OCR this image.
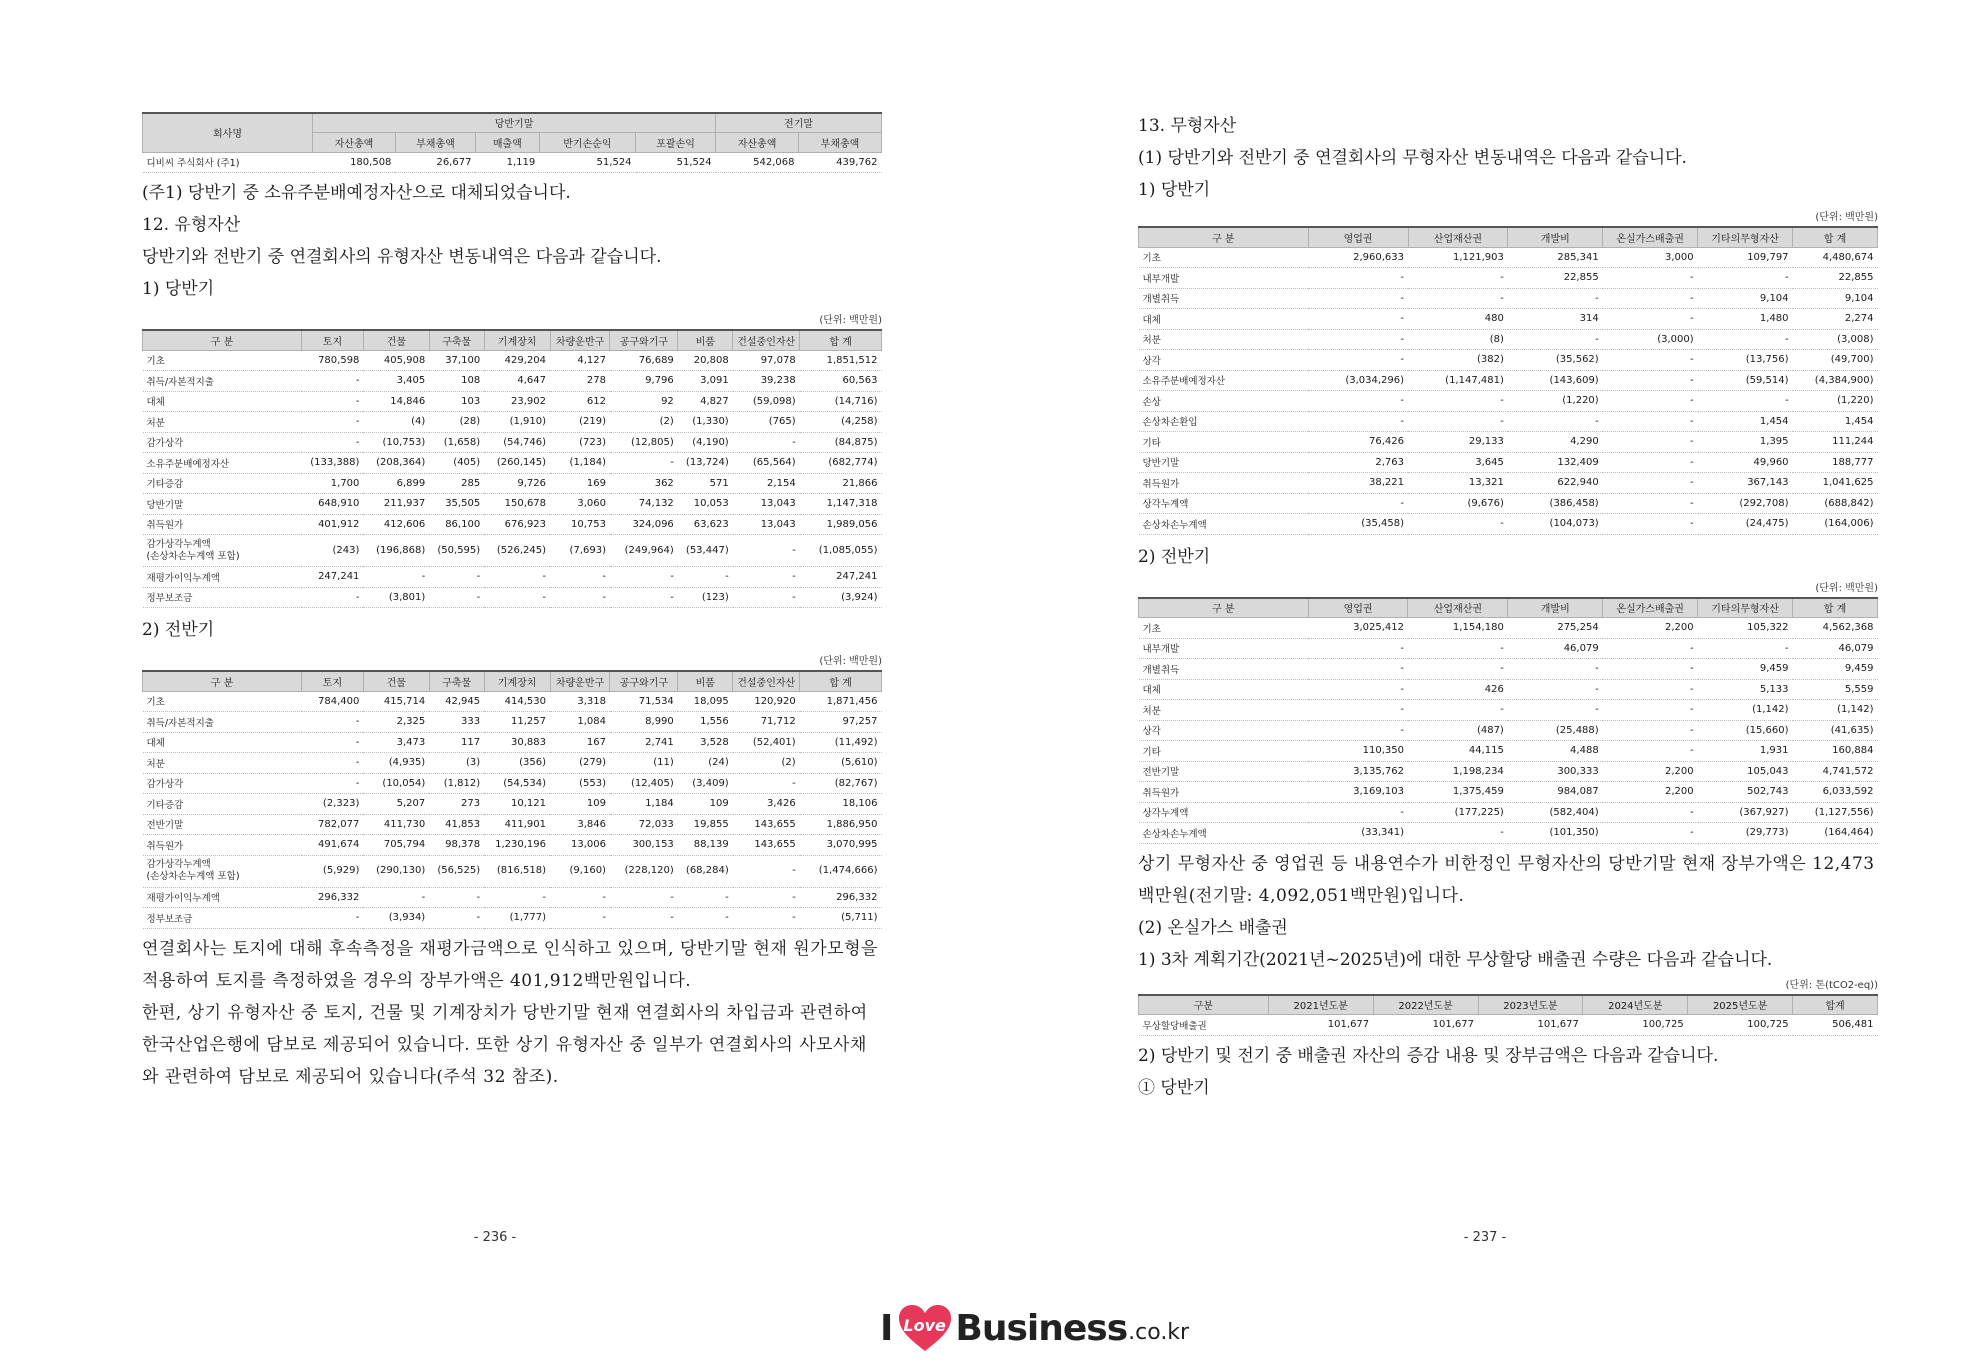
회사명	당반기말					전기말	
	자산총액	부채총액	매출액	반기손순익	포괄손익	자산총액	부채총액
디비씨 주식회사 (주1)	180,508	26,677	1,119	51,524	51,524	542,068	439,762
(주1) 당반기 중 소유주분배예정자산으로 대체되었습니다.
12. 유형자산
당반기와 전반기 중 연결회사의 유형자산 변동내역은 다음과 같습니다.
1) 당반기
(단위: 백만원)
구 분	토지	건물	구축물	기계장치	차량운반구	공구와기구	비품	건설중인자산	합 계
기초	780,598	405,908	37,100	429,204	4,127	76,689	20,808	97,078	1,851,512
취득/자본적지출	-	3,405	108	4,647	278	9,796	3,091	39,238	60,563
대체	-	14,846	103	23,902	612	92	4,827	(59,098)	(14,716)
처분	-	(4)	(28)	(1,910)	(219)	(2)	(1,330)	(765)	(4,258)
감가상각	-	(10,753)	(1,658)	(54,746)	(723)	(12,805)	(4,190)	-	(84,875)
소유주분배예정자산	(133,388)	(208,364)	(405)	(260,145)	(1,184)	-	(13,724)	(65,564)	(682,774)
기타증감	1,700	6,899	285	9,726	169	362	571	2,154	21,866
당반기말	648,910	211,937	35,505	150,678	3,060	74,132	10,053	13,043	1,147,318
취득원가	401,912	412,606	86,100	676,923	10,753	324,096	63,623	13,043	1,989,056
감가상각누계액
(손상차손누계액 포함)	(243)	(196,868)	(50,595)	(526,245)	(7,693)	(249,964)	(53,447)	-	(1,085,055)
재평가이익누계액	247,241	-	-	-	-	-	-	-	247,241
정부보조금	-	(3,801)	-	-	-	-	(123)	-	(3,924)
2) 전반기
(단위: 백만원)
구 분	토지	건물	구축물	기계장치	차량운반구	공구와기구	비품	건설중인자산	합 계
기초	784,400	415,714	42,945	414,530	3,318	71,534	18,095	120,920	1,871,456
취득/자본적지출	-	2,325	333	11,257	1,084	8,990	1,556	71,712	97,257
대체	-	3,473	117	30,883	167	2,741	3,528	(52,401)	(11,492)
처분	-	(4,935)	(3)	(356)	(279)	(11)	(24)	(2)	(5,610)
감가상각	-	(10,054)	(1,812)	(54,534)	(553)	(12,405)	(3,409)	-	(82,767)
기타증감	(2,323)	5,207	273	10,121	109	1,184	109	3,426	18,106
전반기말	782,077	411,730	41,853	411,901	3,846	72,033	19,855	143,655	1,886,950
취득원가	491,674	705,794	98,378	1,230,196	13,006	300,153	88,139	143,655	3,070,995
감가상각누계액
(손상차손누계액 포함)	(5,929)	(290,130)	(56,525)	(816,518)	(9,160)	(228,120)	(68,284)	-	(1,474,666)
재평가이익누계액	296,332	-	-	-	-	-	-	-	296,332
정부보조금	-	(3,934)	-	(1,777)	-	-	-	-	(5,711)
연결회사는 토지에 대해 후속측정을 재평가금액으로 인식하고 있으며, 당반기말 현재 원가모형을 적용하여 토지를 측정하였을 경우의 장부가액은 401,912백만원입니다.
한편, 상기 유형자산 중 토지, 건물 및 기계장치가 당반기말 현재 연결회사의 차입금과 관련하여 한국산업은행에 담보로 제공되어 있습니다. 또한 상기 유형자산 중 일부가 연결회사의 사모사채와 관련하여 담보로 제공되어 있습니다(주석 32 참조).
- 236 -	- 237 -
13. 무형자산
(1) 당반기와 전반기 중 연결회사의 무형자산 변동내역은 다음과 같습니다.
1) 당반기
(단위: 백만원)
구 분	영업권	산업재산권	개발비	온실가스배출권	기타의무형자산	합 계
기초	2,960,633	1,121,903	285,341	3,000	109,797	4,480,674
내부개발	-	-	22,855	-	-	22,855
개별취득	-	-	-	-	9,104	9,104
대체	-	480	314	-	1,480	2,274
처분	-	(8)	-	(3,000)	-	(3,008)
상각	-	(382)	(35,562)	-	(13,756)	(49,700)
소유주분배예정자산	(3,034,296)	(1,147,481)	(143,609)	-	(59,514)	(4,384,900)
손상	-	-	(1,220)	-	-	(1,220)
손상차손환입	-	-	-	-	1,454	1,454
기타	76,426	29,133	4,290	-	1,395	111,244
당반기말	2,763	3,645	132,409	-	49,960	188,777
취득원가	38,221	13,321	622,940	-	367,143	1,041,625
상각누계액	-	(9,676)	(386,458)	-	(292,708)	(688,842)
손상차손누계액	(35,458)	-	(104,073)	-	(24,475)	(164,006)
2) 전반기
(단위: 백만원)
구 분	영업권	산업재산권	개발비	온실가스배출권	기타의무형자산	합 계
기초	3,025,412	1,154,180	275,254	2,200	105,322	4,562,368
내부개발	-	-	46,079	-	-	46,079
개별취득	-	-	-	-	9,459	9,459
대체	-	426	-	-	5,133	5,559
처분	-	-	-	-	(1,142)	(1,142)
상각	-	(487)	(25,488)	-	(15,660)	(41,635)
기타	110,350	44,115	4,488	-	1,931	160,884
전반기말	3,135,762	1,198,234	300,333	2,200	105,043	4,741,572
취득원가	3,169,103	1,375,459	984,087	2,200	502,743	6,033,592
상각누계액	-	(177,225)	(582,404)	-	(367,927)	(1,127,556)
손상차손누계액	(33,341)	-	(101,350)	-	(29,773)	(164,464)
상기 무형자산 중 영업권 등 내용연수가 비한정인 무형자산의 당반기말 현재 장부가액은 12,473백만원(전기말: 4,092,051백만원)입니다.
(2) 온실가스 배출권
1) 3차 계획기간(2021년~2025년)에 대한 무상할당 배출권 수량은 다음과 같습니다.
(단위: 톤(tCO2-eq))
구분	2021년도분	2022년도분	2023년도분	2024년도분	2025년도분	합계
무상할당배출권	101,677	101,677	101,677	100,725	100,725	506,481
2) 당반기 및 전기 중 배출권 자산의 증감 내용 및 장부금액은 다음과 같습니다.
① 당반기
I Love Business .co.kr
